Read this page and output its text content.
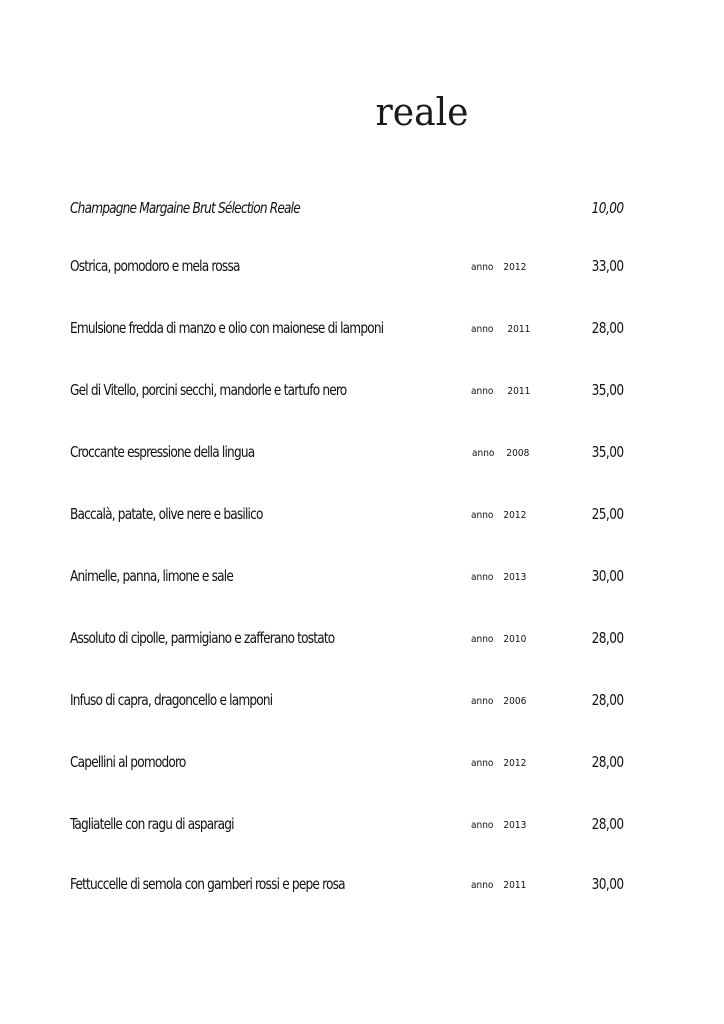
reale
Champagne Margaine Brut Sélection Reale	10,00
Ostrica, pomodoro e mela rossa	anno 2012	33,00
Emulsione fredda di manzo e olio con maionese di lamponi	anno 2011	28,00
Gel di Vitello, porcini secchi, mandorle e tartufo nero	anno 2011	35,00
Croccante espressione della lingua	anno 2008	35,00
Baccalà, patate, olive nere e basilico	anno 2012	25,00
Animelle, panna, limone e sale	anno 2013	30,00
Assoluto di cipolle, parmigiano e zafferano tostato	anno 2010	28,00
Infuso di capra, dragoncello e lamponi	anno 2006	28,00
Capellini al pomodoro	anno 2012	28,00
Tagliatelle con ragu di asparagi	anno 2013	28,00
Fettuccelle di semola con gamberi rossi e pepe rosa	anno 2011	30,00
